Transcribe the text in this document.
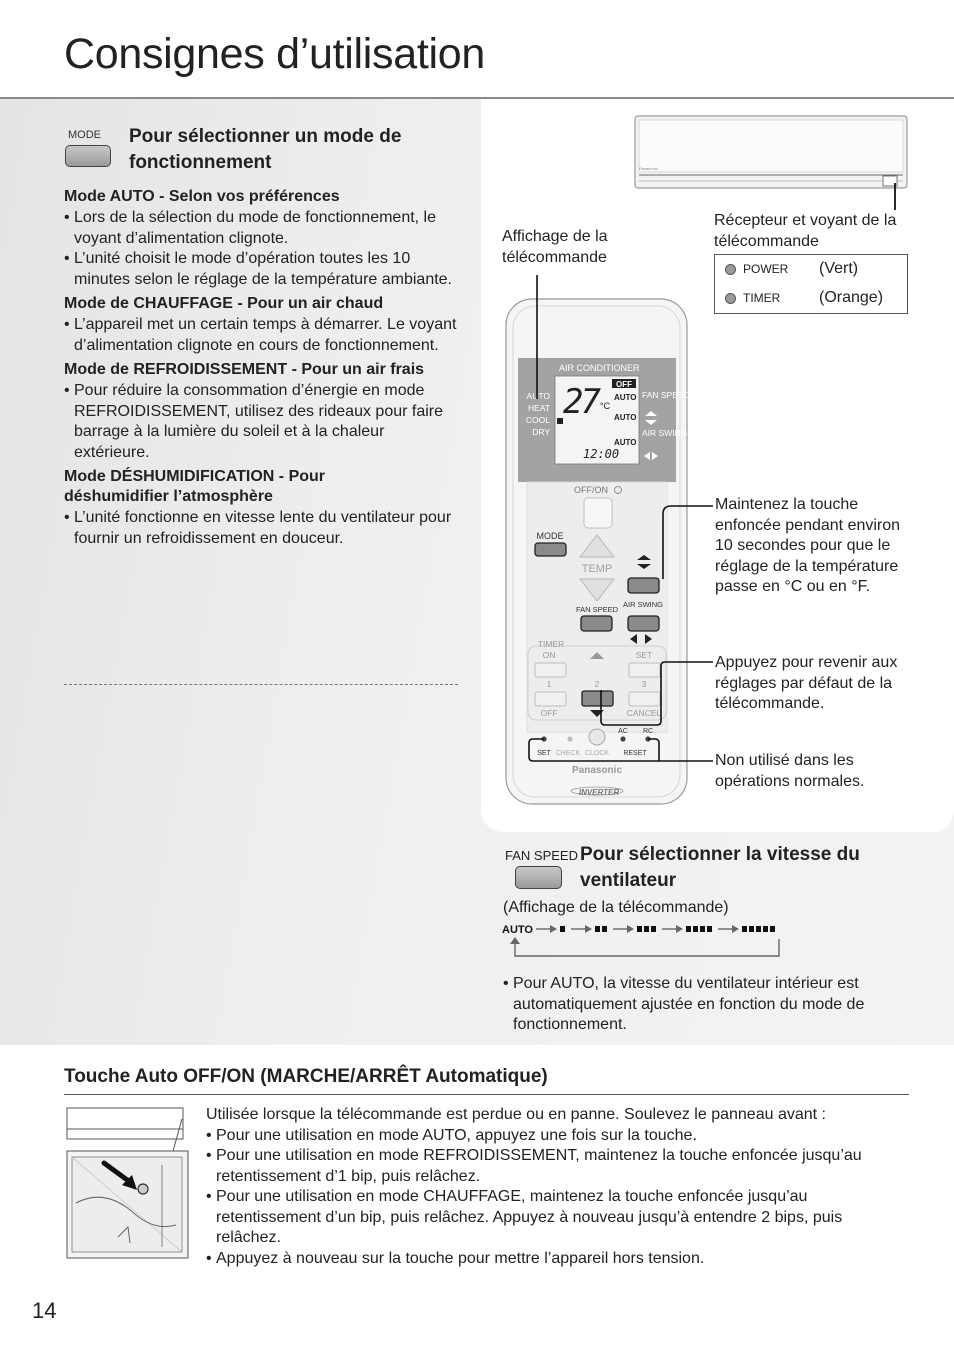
Consignes d’utilisation
MODE Pour sélectionner un mode de fonctionnement
Mode AUTO - Selon vos préférences
• Lors de la sélection du mode de fonctionnement, le voyant d’alimentation clignote.
• L’unité choisit le mode d’opération toutes les 10 minutes selon le réglage de la température ambiante.
Mode de CHAUFFAGE - Pour un air chaud
• L’appareil met un certain temps à démarrer. Le voyant d’alimentation clignote en cours de fonctionnement.
Mode de REFROIDISSEMENT - Pour un air frais
• Pour réduire la consommation d’énergie en mode REFROIDISSEMENT, utilisez des rideaux pour faire barrage à la lumière du soleil et à la chaleur extérieure.
Mode DÉSHUMIDIFICATION - Pour déshumidifier l’atmosphère
• L’unité fonctionne en vitesse lente du ventilateur pour fournir un refroidissement en douceur.
Panasonic
AIR CONDITIONER
AUTO
HEAT
COOL
DRY
27 °C
OFF
AUTO
AUTO
AUTO
12:00
FAN SPEED
AIR SWING
OFF/ON
MODE
TEMP
AIR SWING
FAN SPEED
TIMER
ON	SET
1	2	3
OFF	CANCEL
AC RC
SET CHECK CLOCK RESET
Panasonic
INVERTER
Récepteur et voyant de la télécommande
POWER	(Vert)
TIMER	(Orange)
Affichage de la télécommande
Maintenez la touche enfoncée pendant environ 10 secondes pour que le réglage de la température passe en °C ou en °F.
Appuyez pour revenir aux réglages par défaut de la télécommande.
Non utilisé dans les opérations normales.
FAN SPEED Pour sélectionner la vitesse du ventilateur
(Affichage de la télécommande)
AUTO
• Pour AUTO, la vitesse du ventilateur intérieur est automatiquement ajustée en fonction du mode de fonctionnement.
Touche Auto OFF/ON (MARCHE/ARRÊT Automatique)
Utilisée lorsque la télécommande est perdue ou en panne. Soulevez le panneau avant :
• Pour une utilisation en mode AUTO, appuyez une fois sur la touche.
• Pour une utilisation en mode REFROIDISSEMENT, maintenez la touche enfoncée jusqu’au retentissement d’1 bip, puis relâchez.
• Pour une utilisation en mode CHAUFFAGE, maintenez la touche enfoncée jusqu’au retentissement d’un bip, puis relâchez. Appuyez à nouveau jusqu’à entendre 2 bips, puis relâchez.
• Appuyez à nouveau sur la touche pour mettre l’appareil hors tension.
14
